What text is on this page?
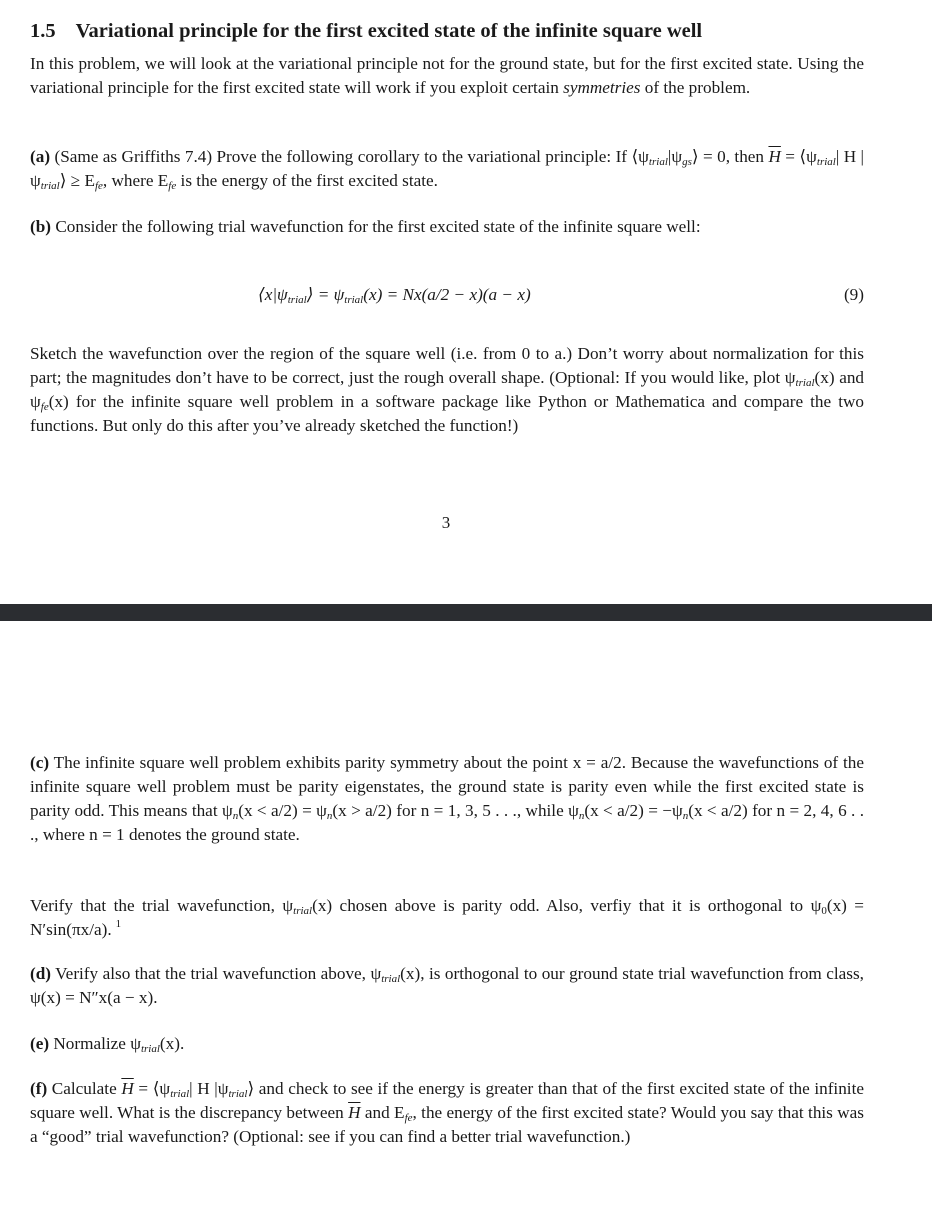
1.5 Variational principle for the first excited state of the infinite square well

In this problem, we will look at the variational principle not for the ground state, but for the first excited state. Using the variational principle for the first excited state will work if you exploit certain symmetries of the problem.

(a) (Same as Griffiths 7.4) Prove the following corollary to the variational principle: If $⟨\psi_{trial}|\psi_{gs}⟩ = 0$, then $\overline{H}$ = $⟨\psi_{trial}|$ H $|\psi_{trial}⟩ \ge E_{fe}$, where $E_{fe}$ is the energy of the first excited state.

(b) Consider the following trial wavefunction for the first excited state of the infinite square well:

$⟨x|\psi_{trial}⟩ = \psi_{trial}(x) = Nx(a/2 - x)(a - x)$	(9)

Sketch the wavefunction over the region of the square well (i.e. from 0 to a.) Don’t worry about normalization for this part; the magnitudes don’t have to be correct, just the rough overall shape. (Optional: If you would like, plot $\psi_{trial}(x)$ and $\psi_{fe}(x)$ for the infinite square well problem in a software package like Python or Mathematica and compare the two functions. But only do this after you’ve already sketched the function!)

3

(c) The infinite square well problem exhibits parity symmetry about the point x = a/2. Because the wavefunctions of the infinite square well problem must be parity eigenstates, the ground state is parity even while the first excited state is parity odd. This means that $\psi_n(x < a/2) = \psi_n(x > a/2)$ for n = 1, 3, 5 . . ., while $\psi_n(x < a/2) = -\psi_n(x < a/2)$ for n = 2, 4, 6 . . ., where n = 1 denotes the ground state.

Verify that the trial wavefunction, $\psi_{trial}(x)$ chosen above is parity odd. Also, verfiy that it is orthogonal to $\psi_0(x) = N'\sin(\pi x/a)$. $^1$

(d) Verify also that the trial wavefunction above, $\psi_{trial}(x)$, is orthogonal to our ground state trial wavefunction from class, ψ(x) = N″x(a − x).

(e) Normalize $\psi_{trial}(x)$.

(f) Calculate $\overline{H}$ = $⟨\psi_{trial}|$ H $|\psi_{trial}⟩$ and check to see if the energy is greater than that of the first excited state of the infinite square well. What is the discrepancy between $\overline{H}$ and $E_{fe}$, the energy of the first excited state? Would you say that this was a “good” trial wavefunction? (Optional: see if you can find a better trial wavefunction.)
